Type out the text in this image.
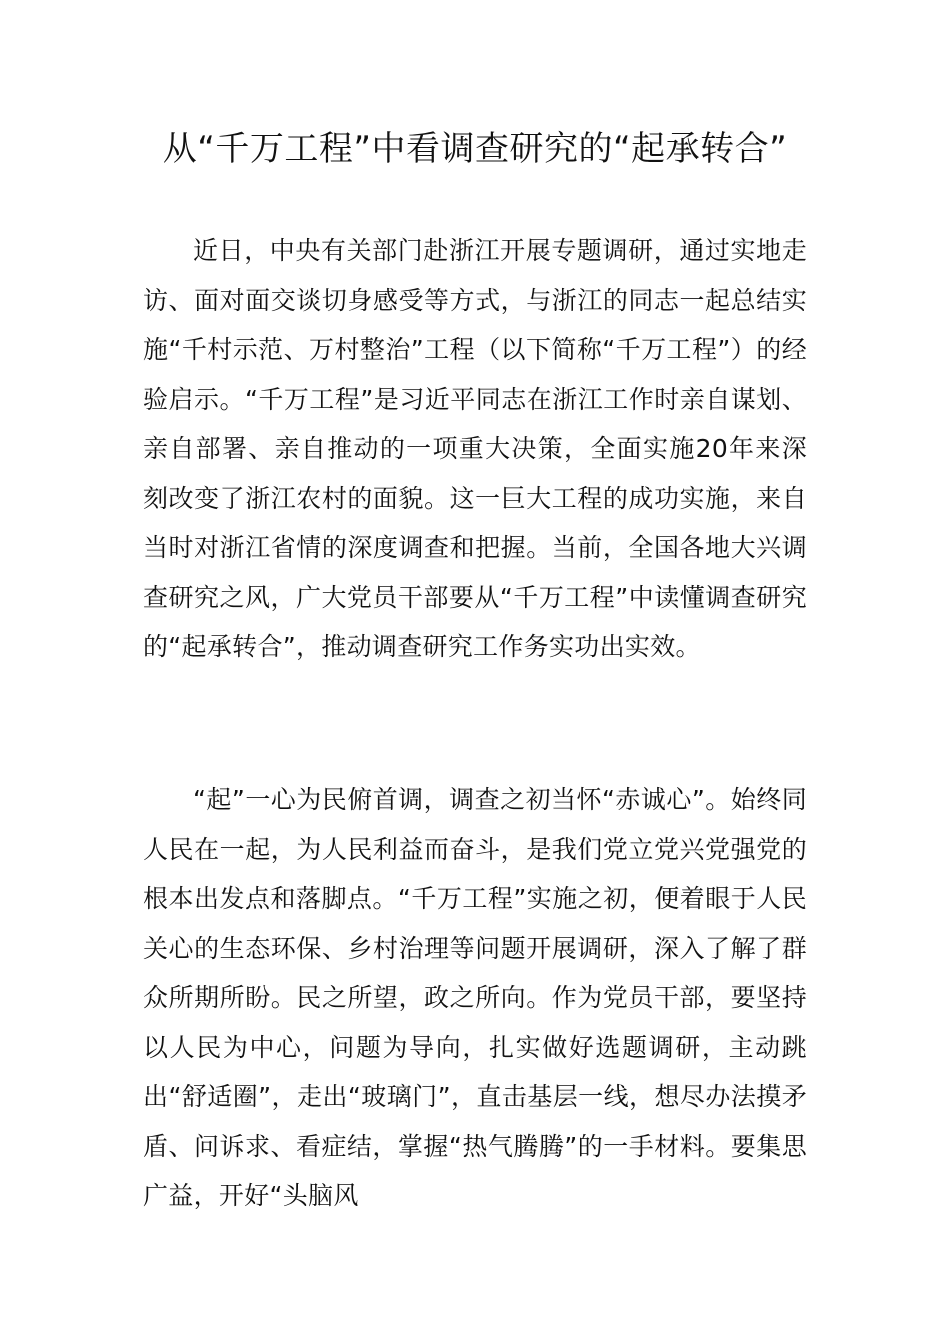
从“千万工程”中看调查研究的“起承转合”

近日，中央有关部门赴浙江开展专题调研，通过实地走访、面对面交谈切身感受等方式，与浙江的同志一起总结实施“千村示范、万村整治”工程（以下简称“千万工程”）的经验启示。“千万工程”是习近平同志在浙江工作时亲自谋划、亲自部署、亲自推动的一项重大决策，全面实施20年来深刻改变了浙江农村的面貌。这一巨大工程的成功实施，来自当时对浙江省情的深度调查和把握。当前，全国各地大兴调查研究之风，广大党员干部要从“千万工程”中读懂调查研究的“起承转合”，推动调查研究工作务实功出实效。

“起”一心为民俯首调，调查之初当怀“赤诚心”。始终同人民在一起，为人民利益而奋斗，是我们党立党兴党强党的根本出发点和落脚点。“千万工程”实施之初，便着眼于人民关心的生态环保、乡村治理等问题开展调研，深入了解了群众所期所盼。民之所望，政之所向。作为党员干部，要坚持以人民为中心，问题为导向，扎实做好选题调研，主动跳出“舒适圈”，走出“玻璃门”，直击基层一线，想尽办法摸矛盾、问诉求、看症结，掌握“热气腾腾”的一手材料。要集思广益，开好“头脑风
